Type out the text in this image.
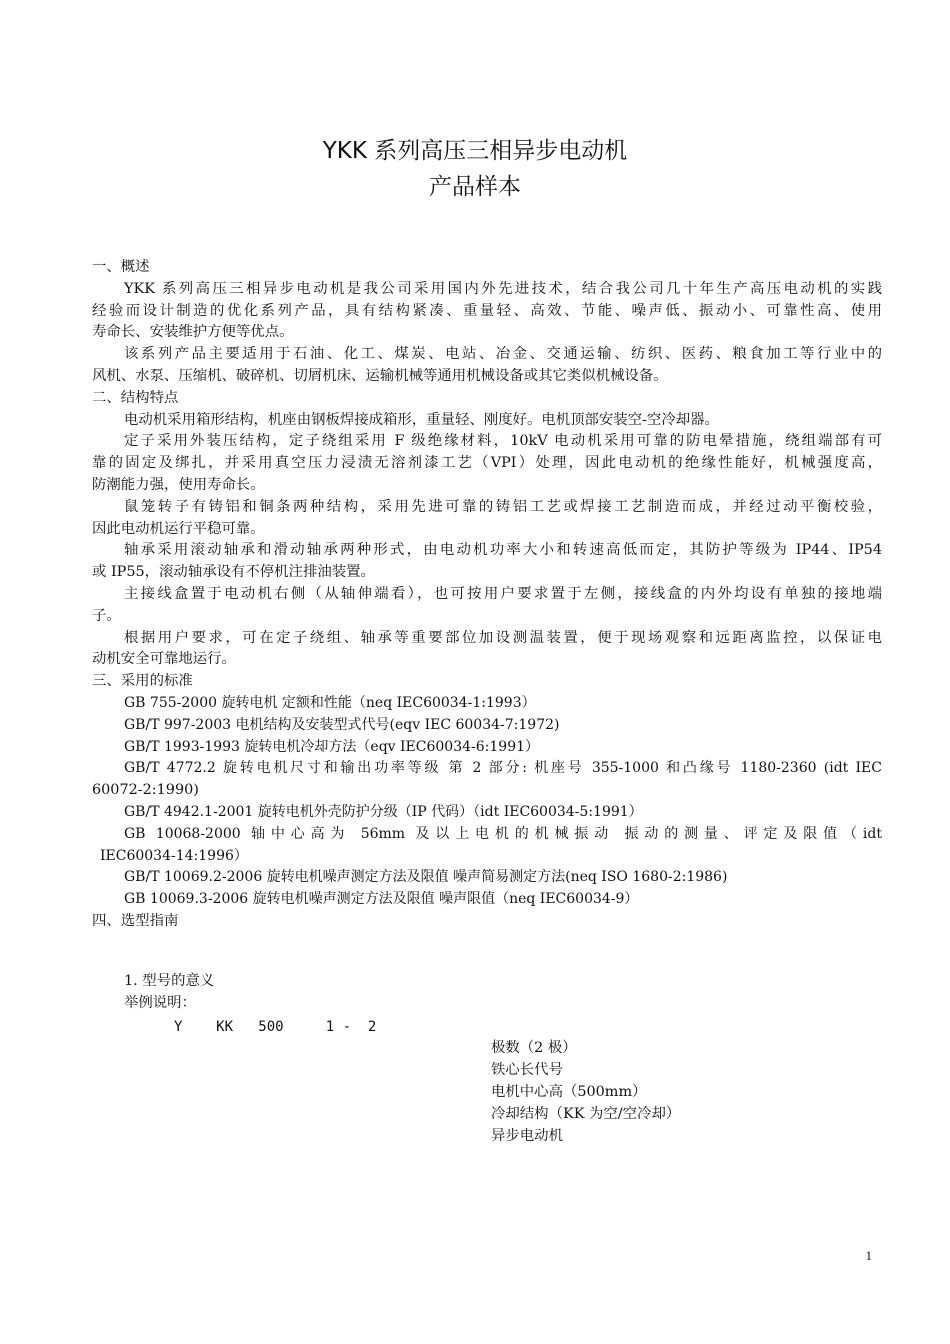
YKK 系列高压三相异步电动机
产品样本
一、概述
YKK 系列高压三相异步电动机是我公司采用国内外先进技术，结合我公司几十年生产高压电动机的实践
经验而设计制造的优化系列产品，具有结构紧凑、重量轻、高效、节能、噪声低、振动小、可靠性高、使用
寿命长、安装维护方便等优点。
该系列产品主要适用于石油、化工、煤炭、电站、冶金、交通运输、纺织、医药、粮食加工等行业中的
风机、水泵、压缩机、破碎机、切屑机床、运输机械等通用机械设备或其它类似机械设备。
二、结构特点
电动机采用箱形结构，机座由钢板焊接成箱形，重量轻、刚度好。电机顶部安装空-空冷却器。
定子采用外装压结构，定子绕组采用 F 级绝缘材料，10kV 电动机采用可靠的防电晕措施，绕组端部有可
靠的固定及绑扎，并采用真空压力浸渍无溶剂漆工艺（VPI）处理，因此电动机的绝缘性能好，机械强度高，
防潮能力强，使用寿命长。
鼠笼转子有铸铝和铜条两种结构，采用先进可靠的铸铝工艺或焊接工艺制造而成，并经过动平衡校验，
因此电动机运行平稳可靠。
轴承采用滚动轴承和滑动轴承两种形式，由电动机功率大小和转速高低而定，其防护等级为 IP44、IP54
或 IP55，滚动轴承设有不停机注排油装置。
主接线盒置于电动机右侧（从轴伸端看），也可按用户要求置于左侧，接线盒的内外均设有单独的接地端
子。
根据用户要求，可在定子绕组、轴承等重要部位加设测温装置，便于现场观察和远距离监控，以保证电
动机安全可靠地运行。
三、采用的标准
GB 755-2000 旋转电机 定额和性能（neq IEC60034-1:1993）
GB/T 997-2003 电机结构及安装型式代号(eqv IEC 60034-7:1972)
GB/T 1993-1993 旋转电机冷却方法（eqv IEC60034-6:1991）
GB/T 4772.2 旋转电机尺寸和输出功率等级 第 2 部分: 机座号 355-1000 和凸缘号 1180-2360 (idt IEC
60072-2:1990)
GB/T 4942.1-2001 旋转电机外壳防护分级（IP 代码）（idt IEC60034-5:1991）
GB 10068-2000 轴中心高为 56mm 及以上电机的机械振动 振动的测量、评定及限值（idt
IEC60034-14:1996）
GB/T 10069.2-2006 旋转电机噪声测定方法及限值 噪声简易测定方法(neq ISO 1680-2:1986)
GB 10069.3-2006 旋转电机噪声测定方法及限值 噪声限值（neq IEC60034-9）
四、选型指南
1. 型号的意义
举例说明：
Y    KK   500     1 -  2
极数（2 极）
铁心长代号
电机中心高（500mm）
冷却结构（KK 为空/空冷却）
异步电动机
1
